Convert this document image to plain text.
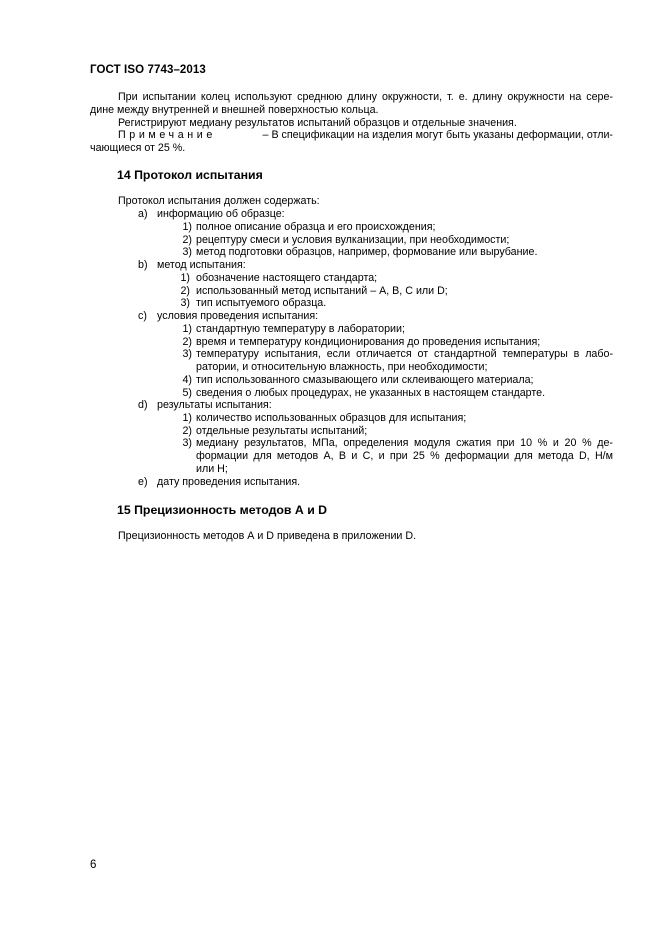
ГОСТ ISO 7743–2013
При испытании колец используют среднюю длину окружности, т. е. длину окружности на сере-
дине между внутренней и внешней поверхностью кольца.
Регистрируют медиану результатов испытаний образцов и отдельные значения.
Примечание	– В спецификации на изделия могут быть указаны деформации, отли-
чающиеся от 25 %.
14 Протокол испытания
Протокол испытания должен содержать:
a) информацию об образце:
1) полное описание образца и его происхождения;
2) рецептуру смеси и условия вулканизации, при необходимости;
3) метод подготовки образцов, например, формование или вырубание.
b) метод испытания:
1) обозначение настоящего стандарта;
2) использованный метод испытаний – A, B, C или D;
3) тип испытуемого образца.
c) условия проведения испытания:
1) стандартную температуру в лаборатории;
2) время и температуру кондиционирования до проведения испытания;
3) температуру испытания, если отличается от стандартной температуры в лабо-
ратории, и относительную влажность, при необходимости;
4) тип использованного смазывающего или склеивающего материала;
5) сведения о любых процедурах, не указанных в настоящем стандарте.
d) результаты испытания:
1) количество использованных образцов для испытания;
2) отдельные результаты испытаний;
3) медиану результатов, МПа, определения модуля сжатия при 10 % и 20 % де-
формации для методов A, B и C, и при 25 % деформации для метода D, Н/м
или Н;
e) дату проведения испытания.
15 Прецизионность методов А и D
Прецизионность методов А и D приведена в приложении D.
6
